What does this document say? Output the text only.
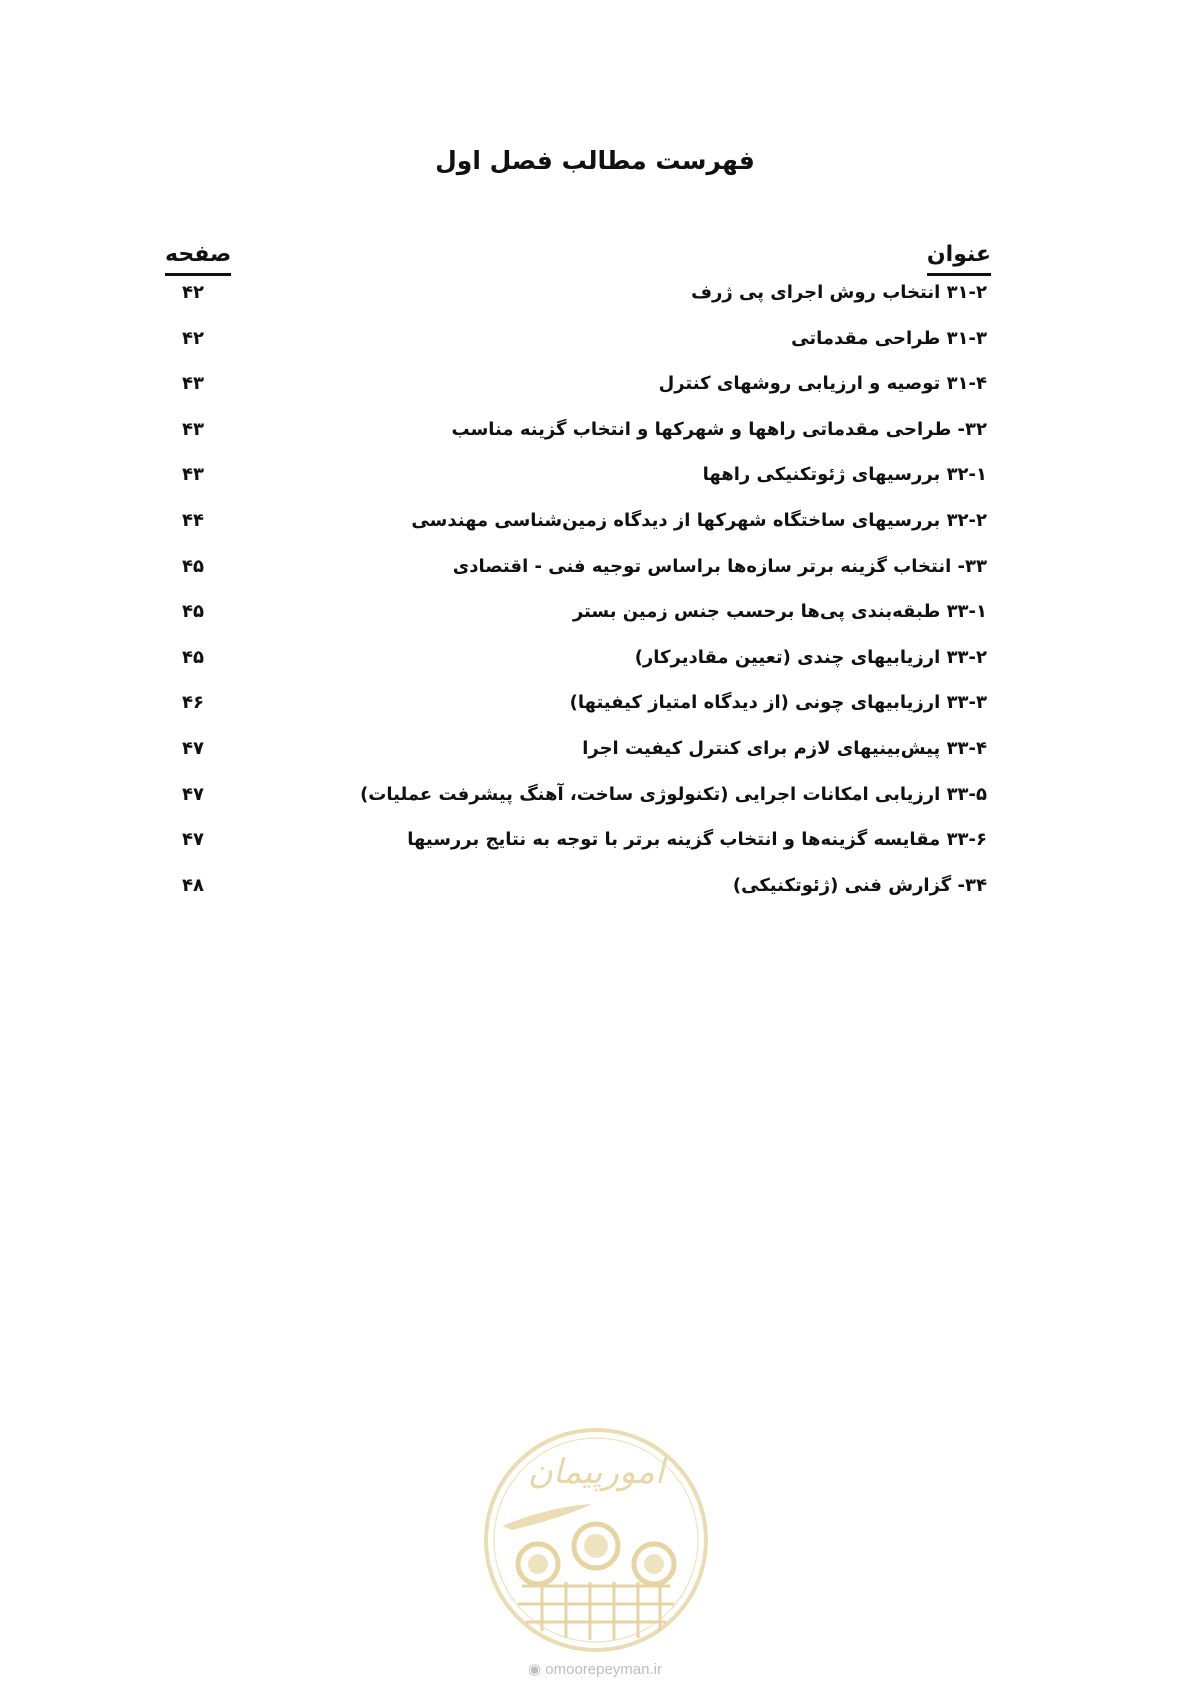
فهرست مطالب فصل اول
عنوان
صفحه
۳۱-۲ انتخاب روش اجرای پی ژرف
۴۲
۳۱-۳ طراحی مقدماتی
۴۲
۳۱-۴ توصیه و ارزیابی روشهای کنترل
۴۳
۳۲- طراحی مقدماتی راهها و شهرکها و انتخاب گزینه مناسب
۴۳
۳۲-۱ بررسیهای ژئوتکنیکی راهها
۴۳
۳۲-۲ بررسیهای ساختگاه شهرکها از دیدگاه زمین‌شناسی مهندسی
۴۴
۳۳- انتخاب گزینه برتر سازه‌ها براساس توجیه فنی - اقتصادی
۴۵
۳۳-۱ طبقه‌بندی پی‌ها برحسب جنس زمین بستر
۴۵
۳۳-۲ ارزیابیهای چندی (تعیین مقادیرکار)
۴۵
۳۳-۳ ارزیابیهای چونی (از دیدگاه امتیاز کیفیتها)
۴۶
۳۳-۴ پیش‌بینیهای لازم برای کنترل کیفیت اجرا
۴۷
۳۳-۵ ارزیابی امکانات اجرایی (تکنولوژی ساخت، آهنگ پیشرفت عملیات)
۴۷
۳۳-۶ مقایسه گزینه‌ها و انتخاب گزینه برتر با توجه به نتایج بررسیها
۴۷
۳۴- گزارش فنی (ژئوتکنیکی)
۴۸
امورپیمان
◉ omoorepeyman.ir
